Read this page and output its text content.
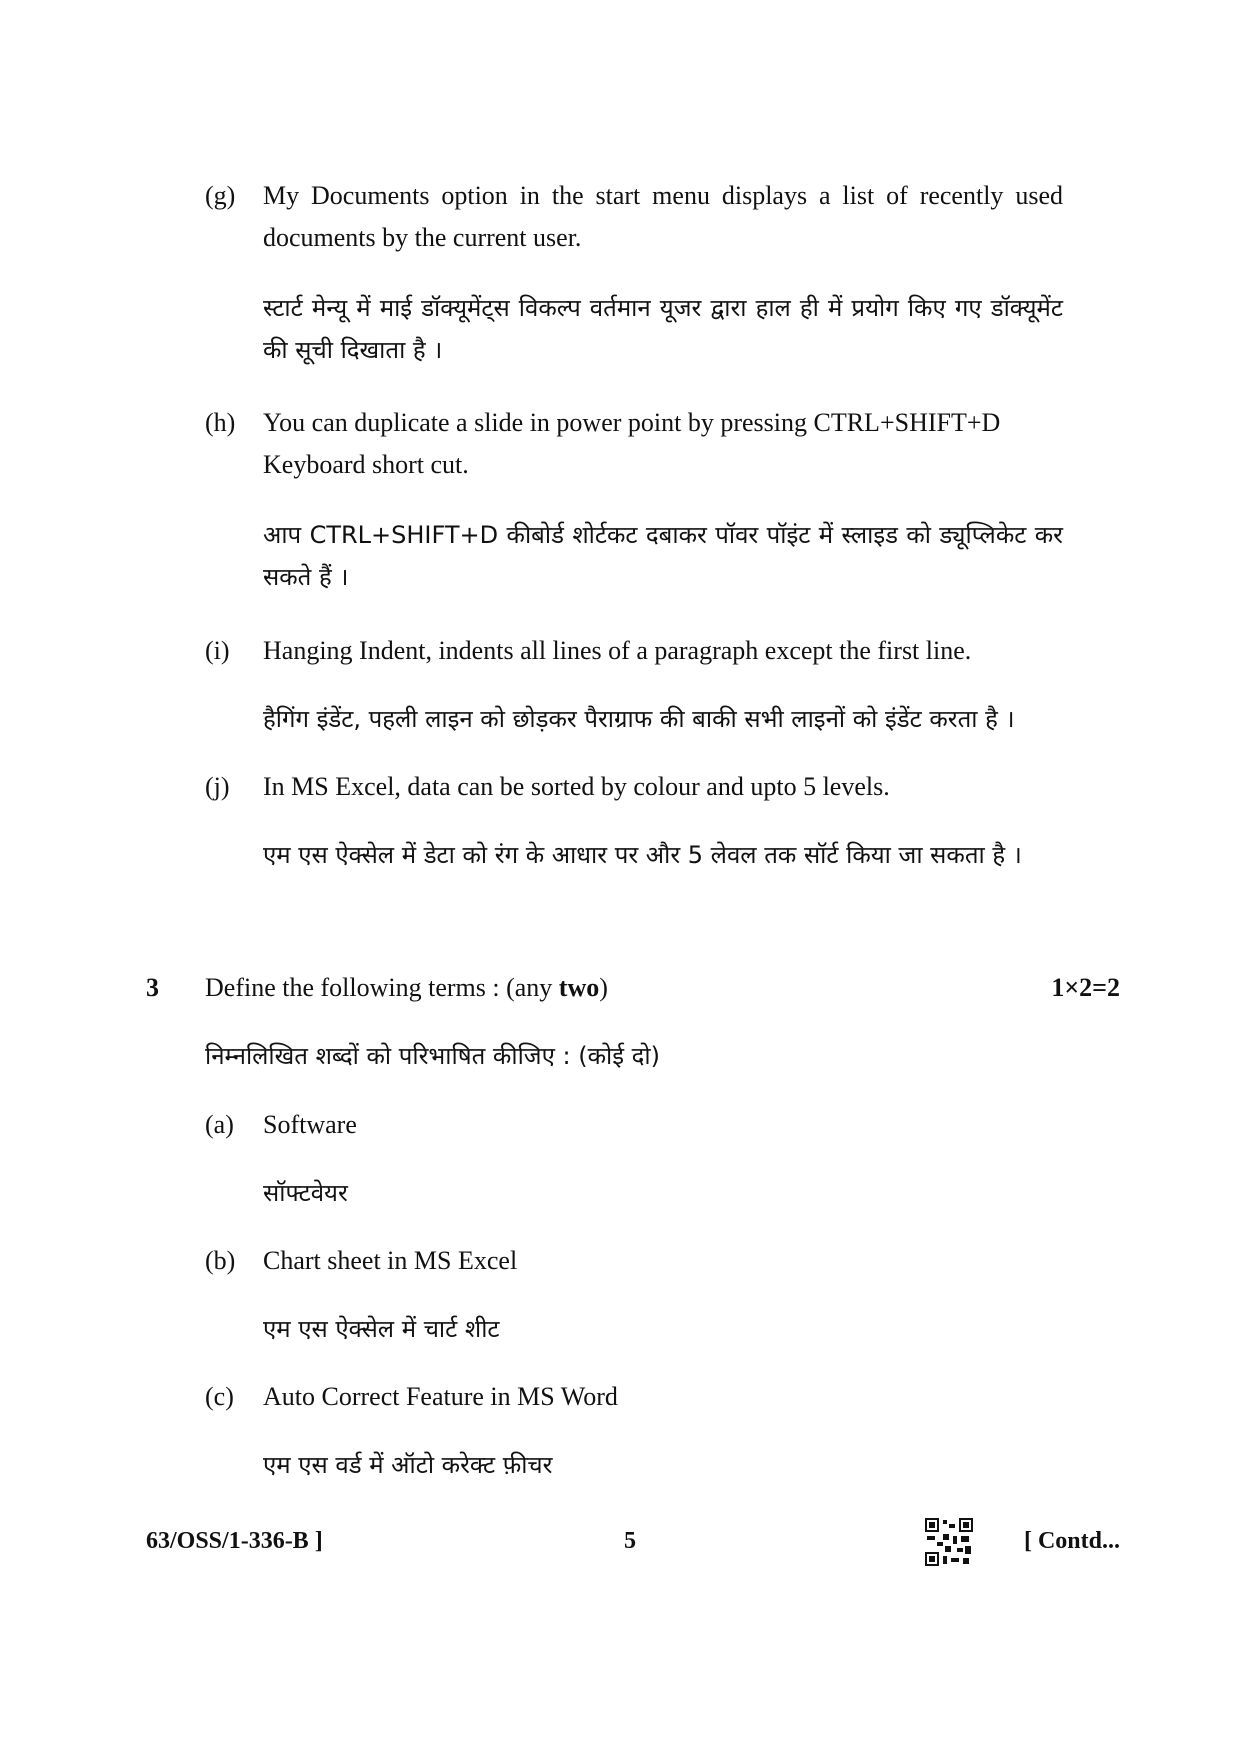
(g)	My Documents option in the start menu displays a list of recently used documents by the current user.
स्टार्ट मेन्यू में माई डॉक्यूमेंट्स विकल्प वर्तमान यूजर द्वारा हाल ही में प्रयोग किए गए डॉक्यूमेंट की सूची दिखाता है ।
(h)	You can duplicate a slide in power point by pressing CTRL+SHIFT+D Keyboard short cut.
आप CTRL+SHIFT+D कीबोर्ड शोर्टकट दबाकर पॉवर पॉइंट में स्लाइड को ड्यूप्लिकेट कर सकते हैं ।
(i)	Hanging Indent, indents all lines of a paragraph except the first line.
हैगिंग इंडेंट, पहली लाइन को छोड़कर पैराग्राफ की बाकी सभी लाइनों को इंडेंट करता है ।
(j)	In MS Excel, data can be sorted by colour and upto 5 levels.
एम एस ऐक्सेल में डेटा को रंग के आधार पर और 5 लेवल तक सॉर्ट किया जा सकता है ।
3 Define the following terms : (any two)	1×2=2
निम्नलिखित शब्दों को परिभाषित कीजिए : (कोई दो)
(a)	Software
सॉफ्टवेयर
(b)	Chart sheet in MS Excel
एम एस ऐक्सेल में चार्ट शीट
(c)	Auto Correct Feature in MS Word
एम एस वर्ड में ऑटो करेक्ट फ़ीचर
63/OSS/1-336-B ]	5	[ Contd...
